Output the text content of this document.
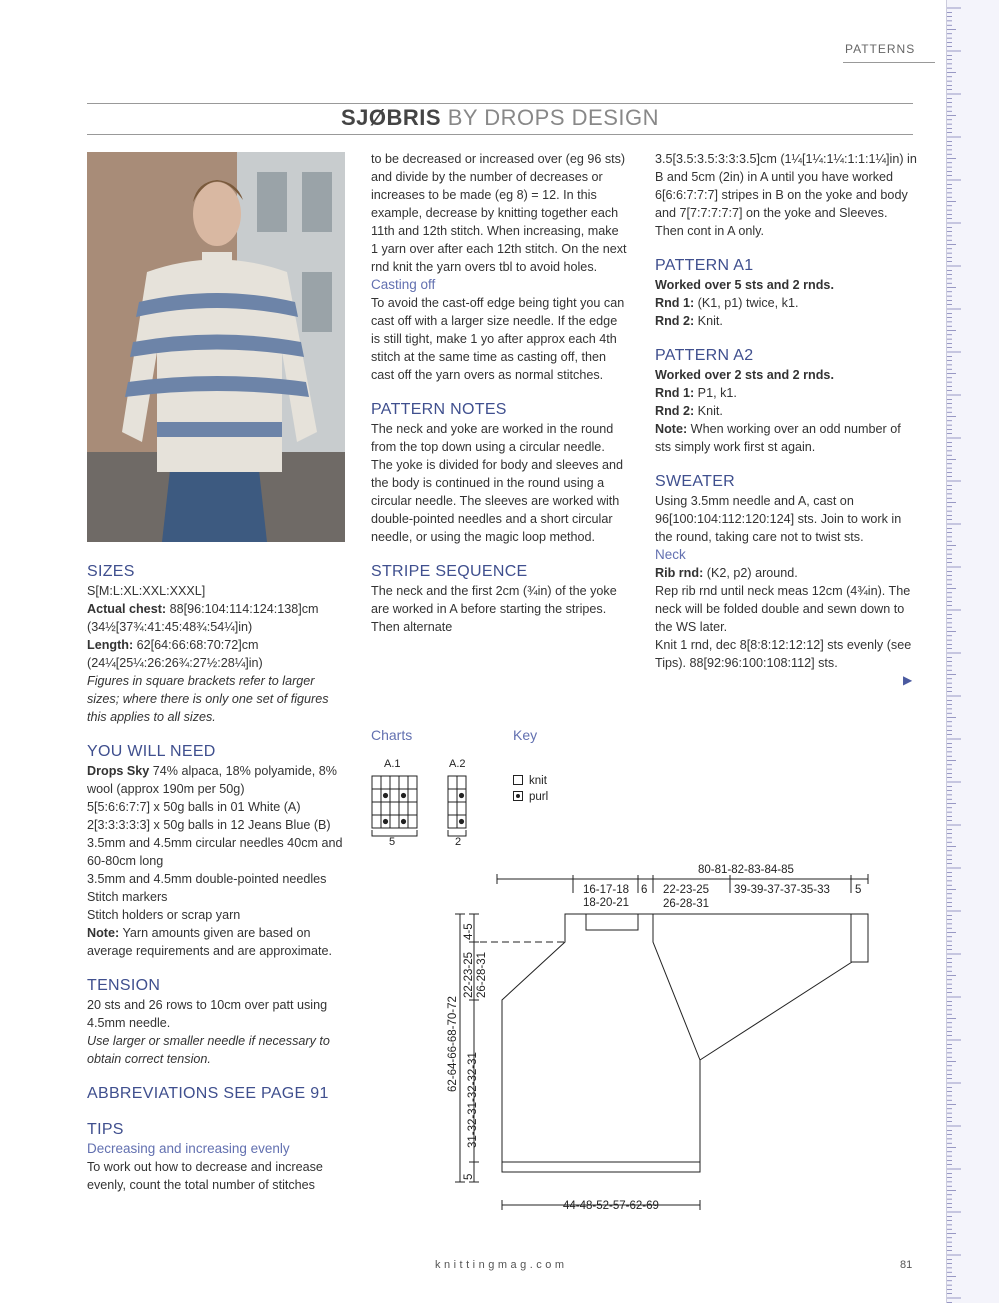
PATTERNS
SJØBRIS BY DROPS DESIGN

SIZES

S[M:L:XL:XXL:XXXL]

Actual chest: 88[96:104:114:124:138]cm

(34½[37¾:41:45:48¾:54¼]in)

Length: 62[64:66:68:70:72]cm

(24¼[25¼:26:26¾:27½:28¼]in)

Figures in square brackets refer to larger sizes; where there is only one set of figures this applies to all sizes.

YOU WILL NEED

Drops Sky 74% alpaca, 18% polyamide, 8% wool (approx 190m per 50g)

5[5:6:6:7:7] x 50g balls in 01 White (A)

2[3:3:3:3:3] x 50g balls in 12 Jeans Blue (B)

3.5mm and 4.5mm circular needles 40cm and 60-80cm long

3.5mm and 4.5mm double-pointed needles

Stitch markers

Stitch holders or scrap yarn

Note: Yarn amounts given are based on average requirements and are approximate.

TENSION

20 sts and 26 rows to 10cm over patt using 4.5mm needle.

Use larger or smaller needle if necessary to obtain correct tension.

ABBREVIATIONS SEE PAGE 91

TIPS

Decreasing and increasing evenly

To work out how to decrease and increase evenly, count the total number of stitches

to be decreased or increased over (eg 96 sts) and divide by the number of decreases or increases to be made (eg 8) = 12. In this example, decrease by knitting together each 11th and 12th stitch. When increasing, make 1 yarn over after each 12th stitch. On the next rnd knit the yarn overs tbl to avoid holes.

Casting off

To avoid the cast-off edge being tight you can cast off with a larger size needle. If the edge is still tight, make 1 yo after approx each 4th stitch at the same time as casting off, then cast off the yarn overs as normal stitches.

PATTERN NOTES

The neck and yoke are worked in the round from the top down using a circular needle. The yoke is divided for body and sleeves and the body is continued in the round using a circular needle. The sleeves are worked with double-pointed needles and a short circular needle, or using the magic loop method.

STRIPE SEQUENCE

The neck and the first 2cm (¾in) of the yoke are worked in A before starting the stripes. Then alternate

3.5[3.5:3.5:3:3:3.5]cm (1¼[1¼:1¼:1:1:1¼]in) in B and 5cm (2in) in A until you have worked 6[6:6:7:7:7] stripes in B on the yoke and body and 7[7:7:7:7:7] on the yoke and Sleeves. Then cont in A only.

PATTERN A1

Worked over 5 sts and 2 rnds.

Rnd 1: (K1, p1) twice, k1.

Rnd 2: Knit.

PATTERN A2

Worked over 2 sts and 2 rnds.

Rnd 1: P1, k1.

Rnd 2: Knit.

Note: When working over an odd number of sts simply work first st again.

SWEATER

Using 3.5mm needle and A, cast on 96[100:104:112:120:124] sts. Join to work in the round, taking care not to twist sts.

Neck

Rib rnd: (K2, p2) around.

Rep rib rnd until neck meas 12cm (4¾in). The neck will be folded double and sewn down to the WS later.

Knit 1 rnd, dec 8[8:8:12:12:12] sts evenly (see Tips). 88[92:96:100:108:112] sts.

▶
Charts	Key
A.1	A.2
5	2
knit
purl
80-81-82-83-84-85
16-17-18
18-20-21
6 22-23-25
26-28-31
39-39-37-37-35-33 5
4-5
22-23-25 26-28-31
62-64-66-68-70-72
31-32-31-32-32-31
5
44-48-52-57-62-69
knittingmag.com	81
